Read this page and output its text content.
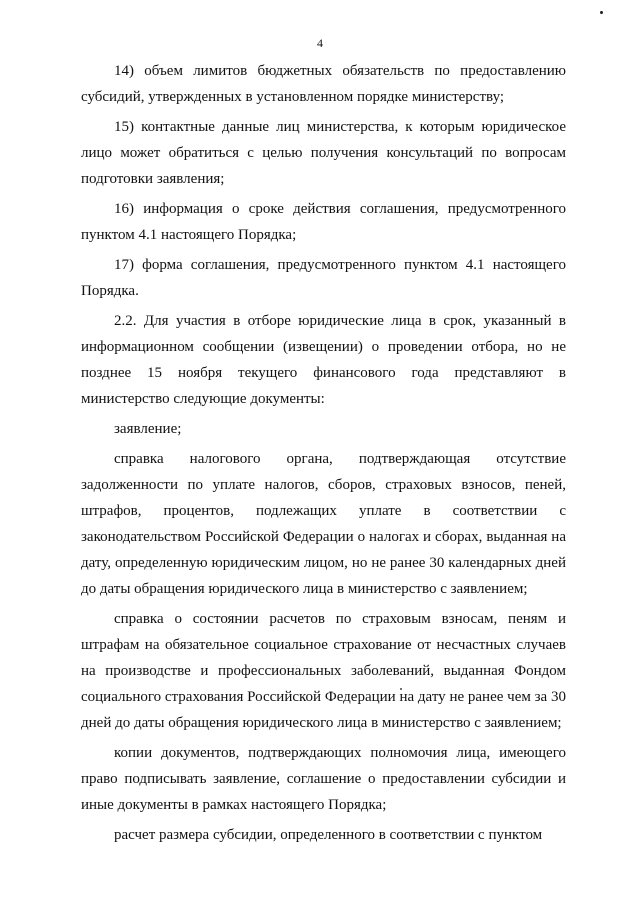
4

14) объем лимитов бюджетных обязательств по предоставлению субсидий, утвержденных в установленном порядке министерству;

15) контактные данные лиц министерства, к которым юридическое лицо может обратиться с целью получения консультаций по вопросам подготовки заявления;

16) информация о сроке действия соглашения, предусмотренного пунктом 4.1 настоящего Порядка;

17) форма соглашения, предусмотренного пунктом 4.1 настоящего Порядка.

2.2. Для участия в отборе юридические лица в срок, указанный в информационном сообщении (извещении) о проведении отбора, но не позднее 15 ноября текущего финансового года представляют в министерство следующие документы:

заявление;

справка налогового органа, подтверждающая отсутствие задолженности по уплате налогов, сборов, страховых взносов, пеней, штрафов, процентов, подлежащих уплате в соответствии с законодательством Российской Федерации о налогах и сборах, выданная на дату, определенную юридическим лицом, но не ранее 30 календарных дней до даты обращения юридического лица в министерство с заявлением;

справка о состоянии расчетов по страховым взносам, пеням и штрафам на обязательное социальное страхование от несчастных случаев на производстве и профессиональных заболеваний, выданная Фондом социального страхования Российской Федерации на дату не ранее чем за 30 дней до даты обращения юридического лица в министерство с заявлением;

копии документов, подтверждающих полномочия лица, имеющего право подписывать заявление, соглашение о предоставлении субсидии и иные документы в рамках настоящего Порядка;

расчет размера субсидии, определенного в соответствии с пунктом
